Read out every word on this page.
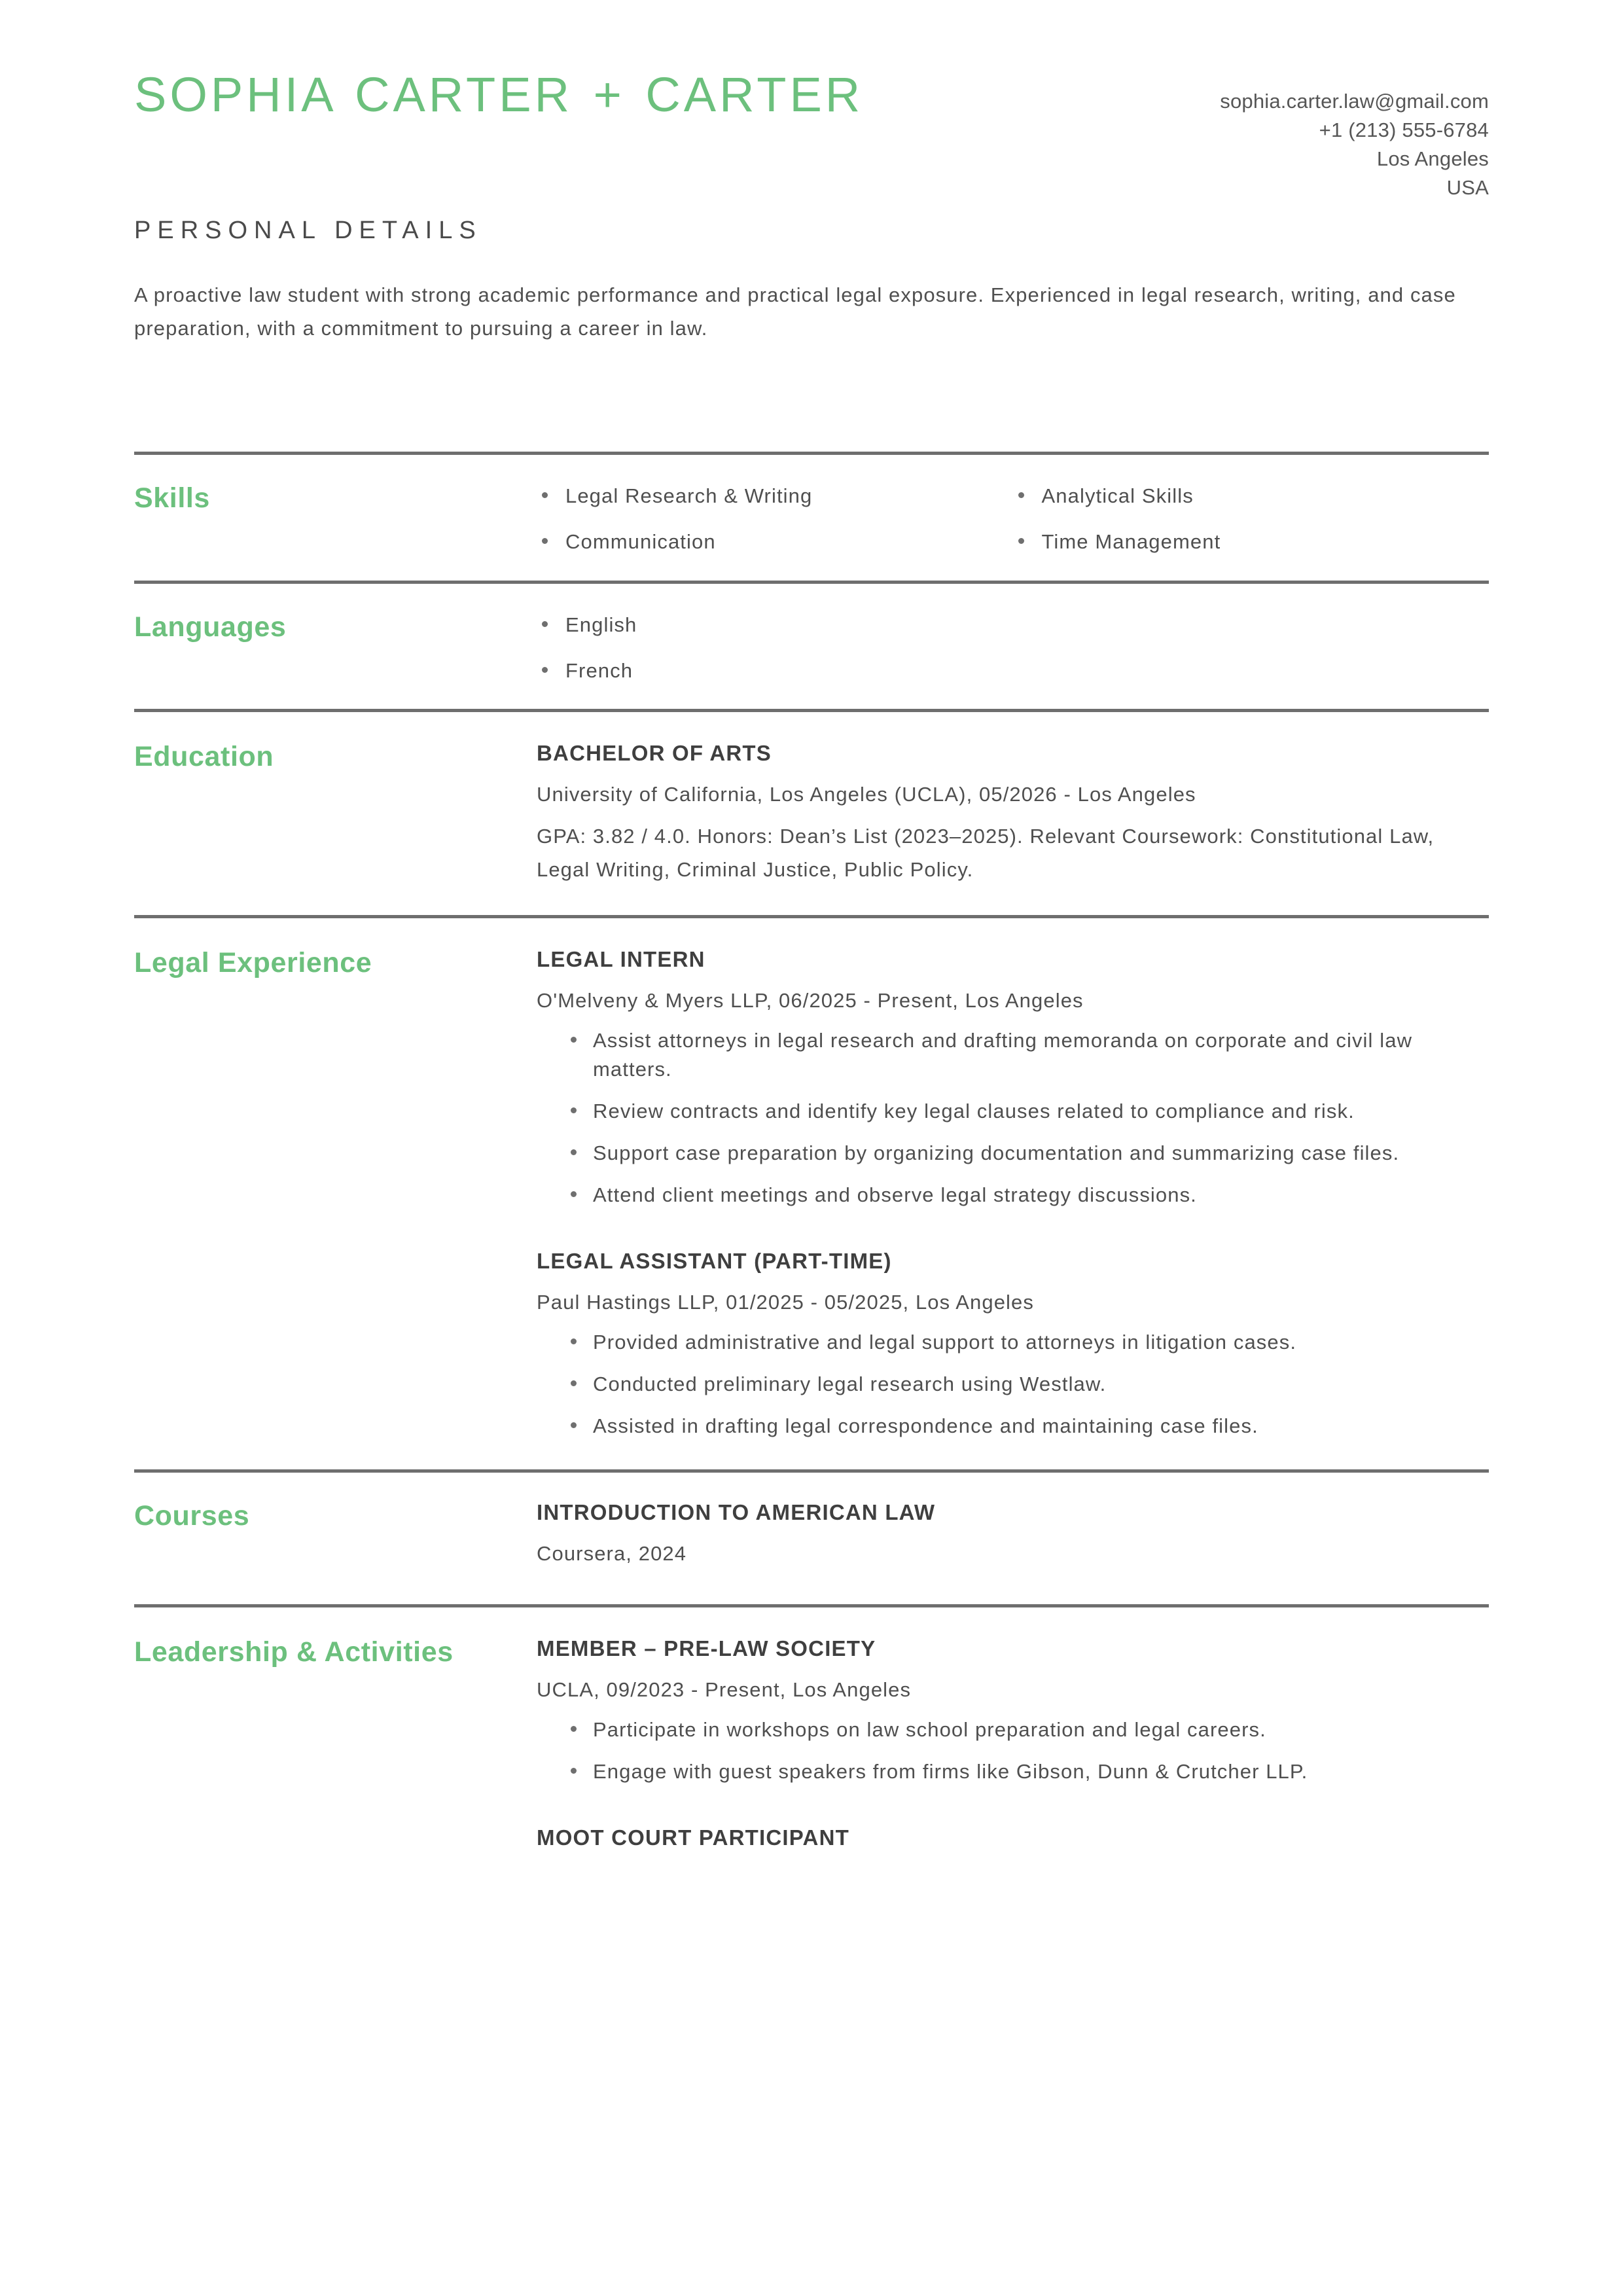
SOPHIA CARTER + CARTER	sophia.carter.law@gmail.com
+1 (213) 555-6784
Los Angeles
USA
PERSONAL DETAILS
A proactive law student with strong academic performance and practical legal exposure. Experienced in legal research, writing, and case preparation, with a commitment to pursuing a career in law.
Skills	Legal Research & Writing
Communication
Analytical Skills
Time Management
Languages	English
French
Education	BACHELOR OF ARTS
University of California, Los Angeles (UCLA), 05/2026 - Los Angeles
GPA: 3.82 / 4.0. Honors: Dean’s List (2023–2025). Relevant Coursework: Constitutional Law, Legal Writing, Criminal Justice, Public Policy.
Legal Experience	LEGAL INTERN
O'Melveny & Myers LLP, 06/2025 - Present, Los Angeles
Assist attorneys in legal research and drafting memoranda on corporate and civil law matters.
Review contracts and identify key legal clauses related to compliance and risk.
Support case preparation by organizing documentation and summarizing case files.
Attend client meetings and observe legal strategy discussions.
LEGAL ASSISTANT (PART-TIME)
Paul Hastings LLP, 01/2025 - 05/2025, Los Angeles
Provided administrative and legal support to attorneys in litigation cases.
Conducted preliminary legal research using Westlaw.
Assisted in drafting legal correspondence and maintaining case files.
Courses	INTRODUCTION TO AMERICAN LAW
Coursera, 2024
Leadership & Activities	MEMBER – PRE-LAW SOCIETY
UCLA, 09/2023 - Present, Los Angeles
Participate in workshops on law school preparation and legal careers.
Engage with guest speakers from firms like Gibson, Dunn & Crutcher LLP.
MOOT COURT PARTICIPANT
